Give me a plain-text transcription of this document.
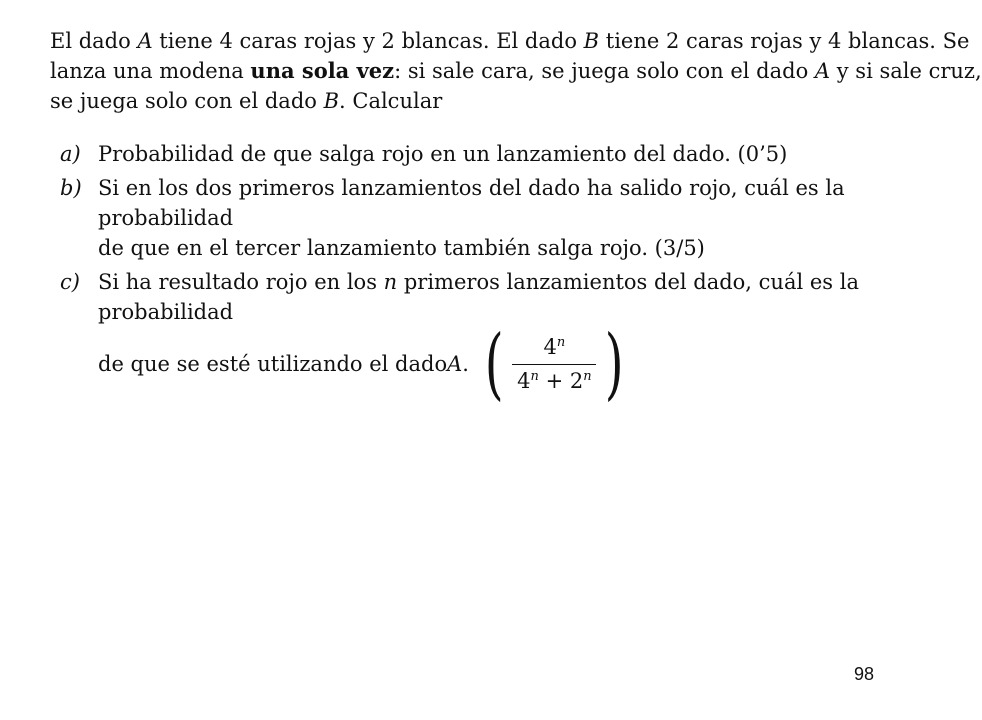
El dado A tiene 4 caras rojas y 2 blancas. El dado B tiene 2 caras rojas y 4 blancas. Se
lanza una modena una sola vez: si sale cara, se juega solo con el dado A y si sale cruz,
se juega solo con el dado B. Calcular
a) Probabilidad de que salga rojo en un lanzamiento del dado. (0’5)
b) Si en los dos primeros lanzamientos del dado ha salido rojo, cuál es la probabilidad
de que en el tercer lanzamiento también salga rojo. (3/5)
c) Si ha resultado rojo en los n primeros lanzamientos del dado, cuál es la probabilidad
de que se esté utilizando el dado A . ( $\frac{4^n}{4^n + 2^n}$ )
98
